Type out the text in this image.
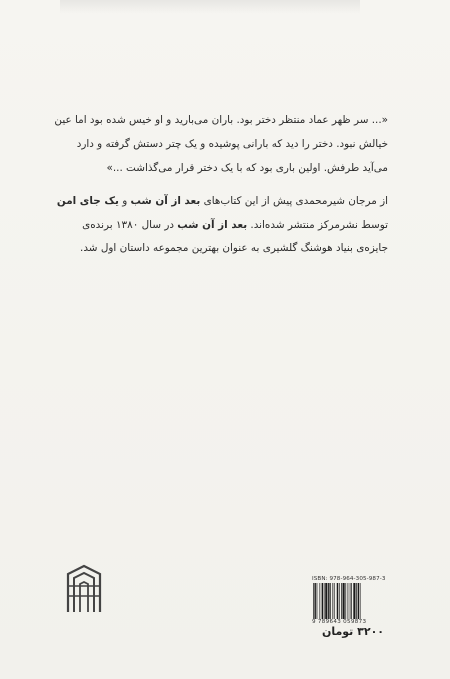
«... سر ظهر عماد منتظر دختر بود. باران می‌بارید و او خیس شده بود اما عین
خیالش نبود. دختر را دید که بارانی پوشیده و یک چتر دستش گرفته و دارد
می‌آید طرفش. اولین باری بود که با یک دختر قرار می‌گذاشت ...»
از مرجان شیرمحمدی پیش از این کتاب‌های بعد از آن شب و یک جای امن
توسط نشرمرکز منتشر شده‌اند. بعد از آن شب در سال ۱۳۸۰ برنده‌ی
جایزه‌ی بنیاد هوشنگ گلشیری به عنوان بهترین مجموعه داستان اول شد.
ISBN: 978-964-305-987-3
9 789643 059873
۳۲۰۰ تومان
